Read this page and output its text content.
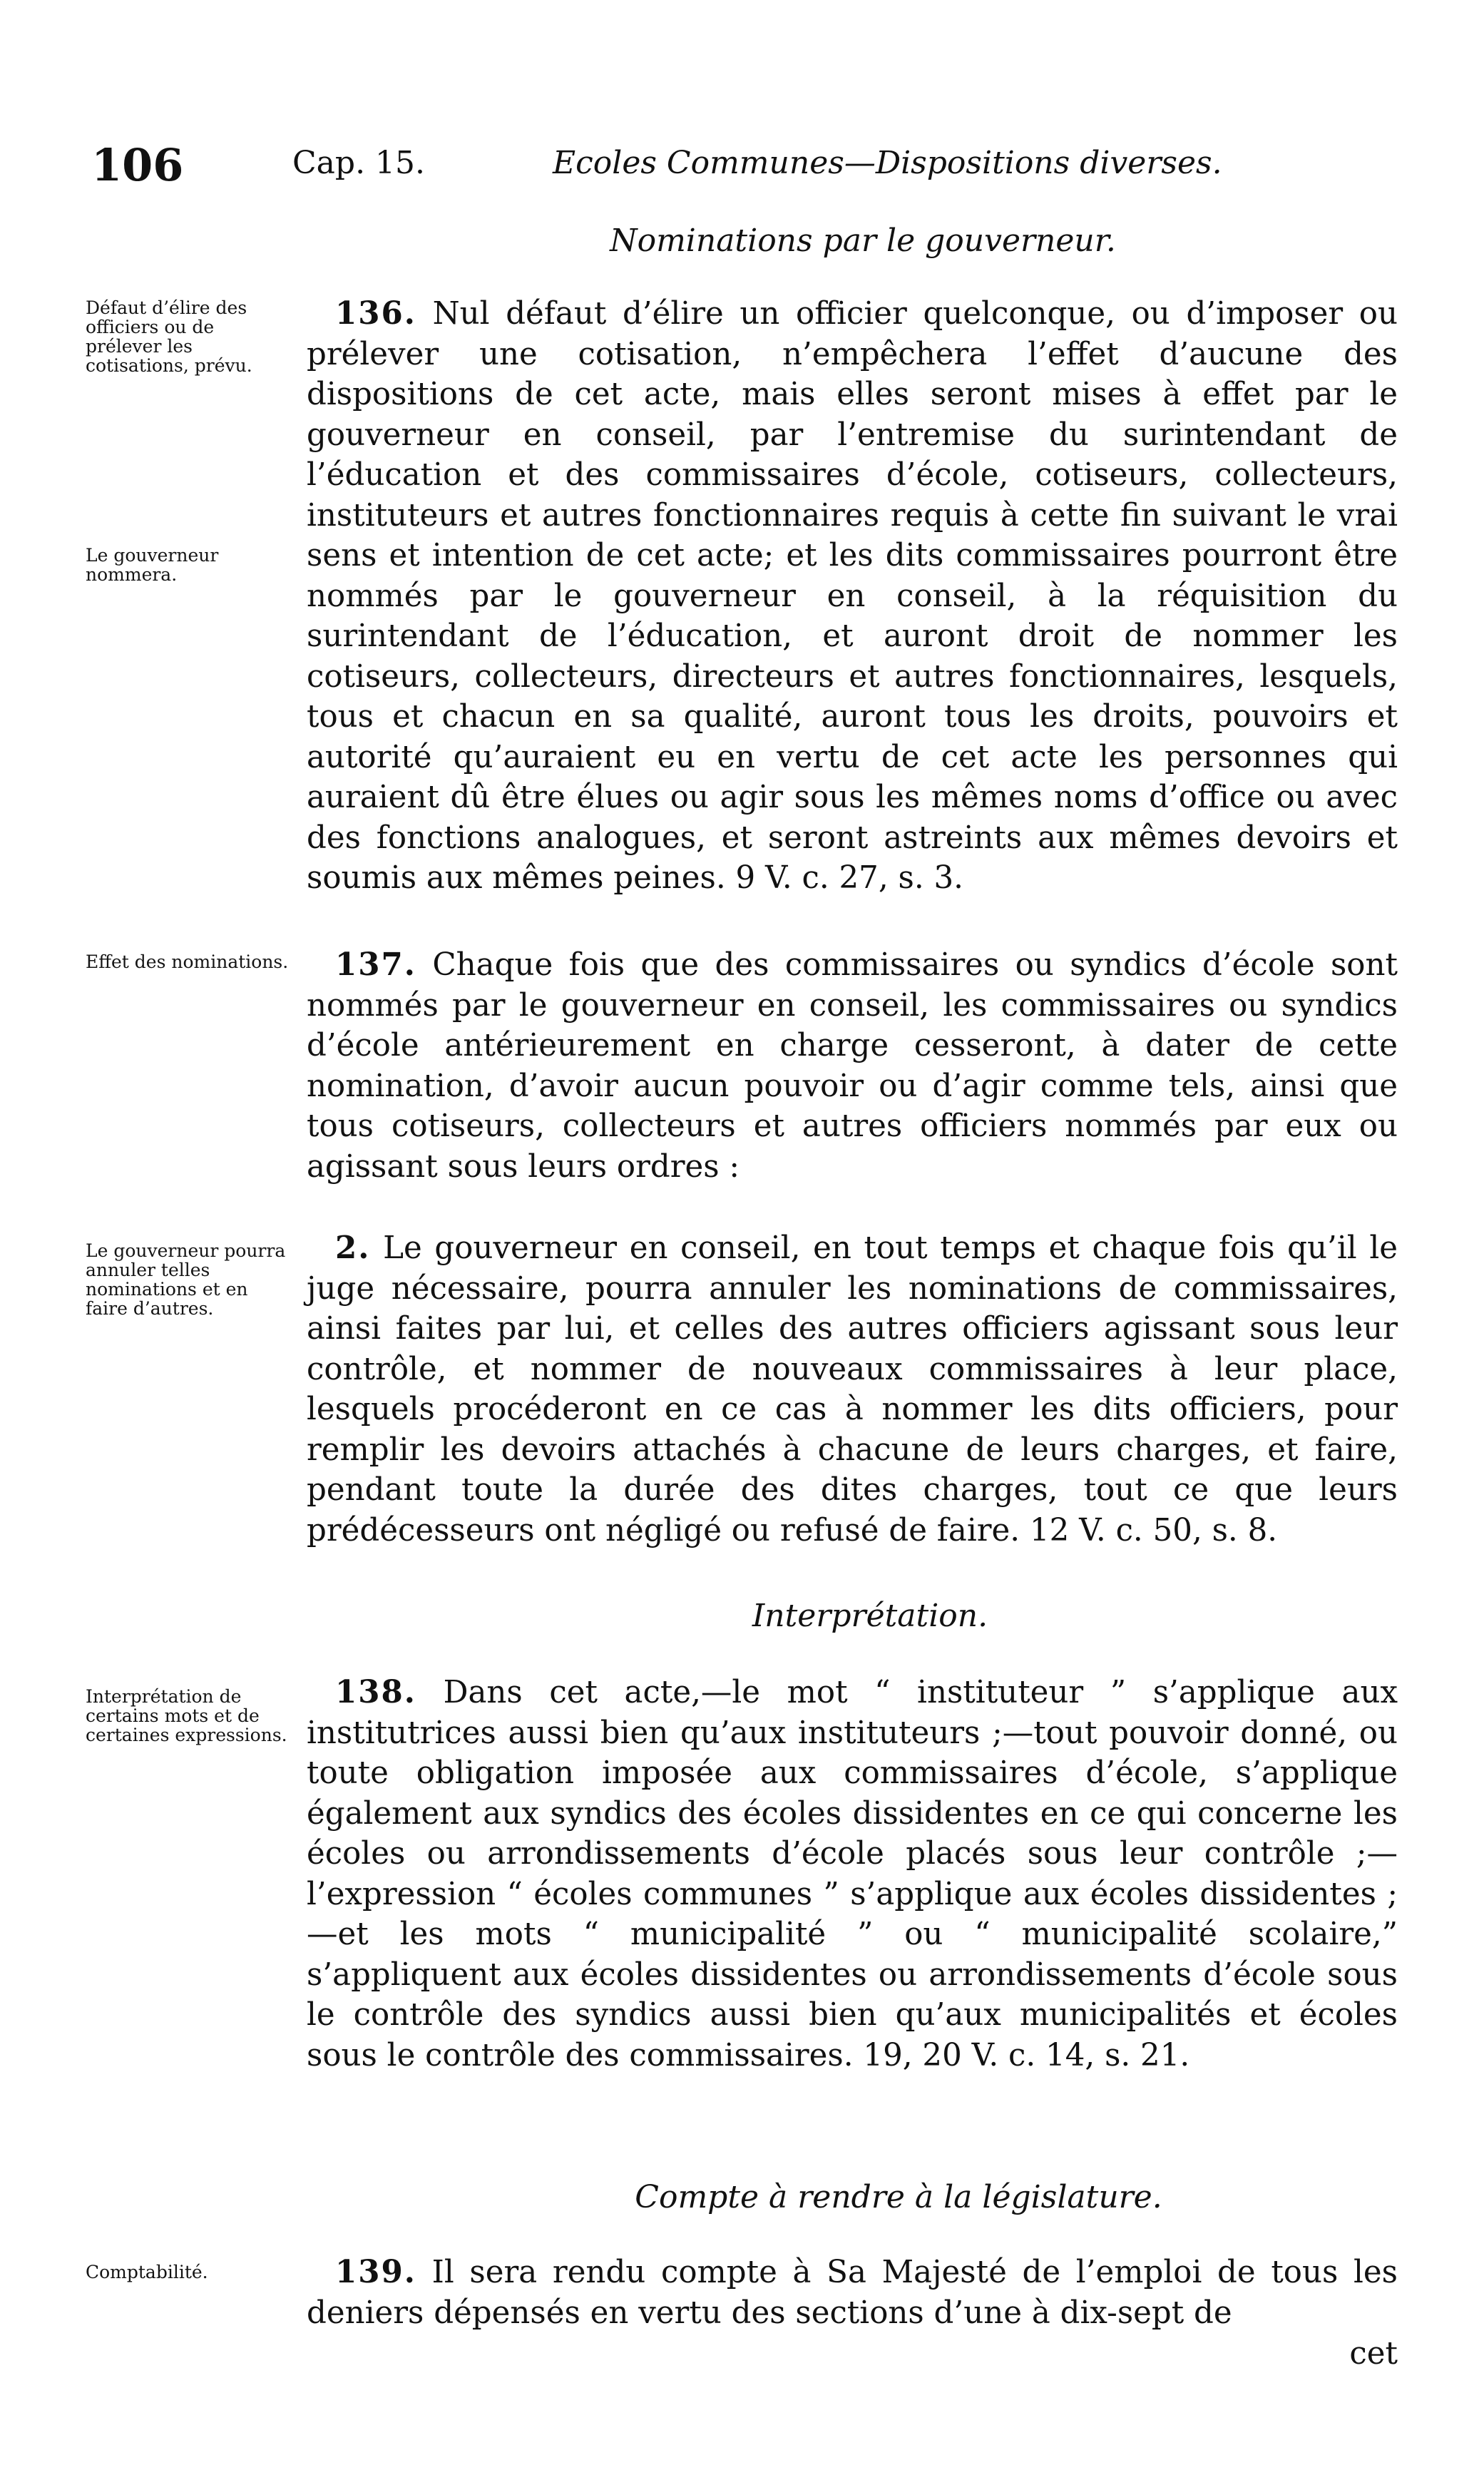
106	Cap. 15.	Ecoles Communes—Dispositions diverses.
Nominations par le gouverneur.
Défaut d’élire des officiers ou de prélever les cotisations, prévu.
Le gouverneur nommera.
136. Nul défaut d’élire un officier quelconque, ou d’imposer ou prélever une cotisation, n’empêchera l’effet d’aucune des dispositions de cet acte, mais elles seront mises à effet par le gouverneur en conseil, par l’entremise du surintendant de l’éducation et des commissaires d’école, cotiseurs, collecteurs, instituteurs et autres fonctionnaires requis à cette fin suivant le vrai sens et intention de cet acte; et les dits commissaires pourront être nommés par le gouverneur en conseil, à la réquisition du surintendant de l’éducation, et auront droit de nommer les cotiseurs, collecteurs, directeurs et autres fonctionnaires, lesquels, tous et chacun en sa qualité, auront tous les droits, pouvoirs et autorité qu’auraient eu en vertu de cet acte les personnes qui auraient dû être élues ou agir sous les mêmes noms d’office ou avec des fonctions analogues, et seront astreints aux mêmes devoirs et soumis aux mêmes peines. 9 V. c. 27, s. 3.
Effet des nominations.	137. Chaque fois que des commissaires ou syndics d’école sont nommés par le gouverneur en conseil, les commissaires ou syndics d’école antérieurement en charge cesseront, à dater de cette nomination, d’avoir aucun pouvoir ou d’agir comme tels, ainsi que tous cotiseurs, collecteurs et autres officiers nommés par eux ou agissant sous leurs ordres :
Le gouverneur pourra annuler telles nominations et en faire d’autres.
2. Le gouverneur en conseil, en tout temps et chaque fois qu’il le juge nécessaire, pourra annuler les nominations de commissaires, ainsi faites par lui, et celles des autres officiers agissant sous leur contrôle, et nommer de nouveaux commissaires à leur place, lesquels procéderont en ce cas à nommer les dits officiers, pour remplir les devoirs attachés à chacune de leurs charges, et faire, pendant toute la durée des dites charges, tout ce que leurs prédécesseurs ont négligé ou refusé de faire. 12 V. c. 50, s. 8.
Interprétation.
Interprétation de certains mots et de certaines expressions.
138. Dans cet acte,—le mot “ instituteur ” s’applique aux institutrices aussi bien qu’aux instituteurs ;—tout pouvoir donné, ou toute obligation imposée aux commissaires d’école, s’applique également aux syndics des écoles dissidentes en ce qui concerne les écoles ou arrondissements d’école placés sous leur contrôle ;—l’expression “ écoles communes ” s’applique aux écoles dissidentes ;—et les mots “ municipalité ” ou “ municipalité scolaire,” s’appliquent aux écoles dissidentes ou arrondissements d’école sous le contrôle des syndics aussi bien qu’aux municipalités et écoles sous le contrôle des commissaires. 19, 20 V. c. 14, s. 21.
Compte à rendre à la législature.
Comptabilité.	139. Il sera rendu compte à Sa Majesté de l’emploi de tous les deniers dépensés en vertu des sections d’une à dix-sept de
cet
